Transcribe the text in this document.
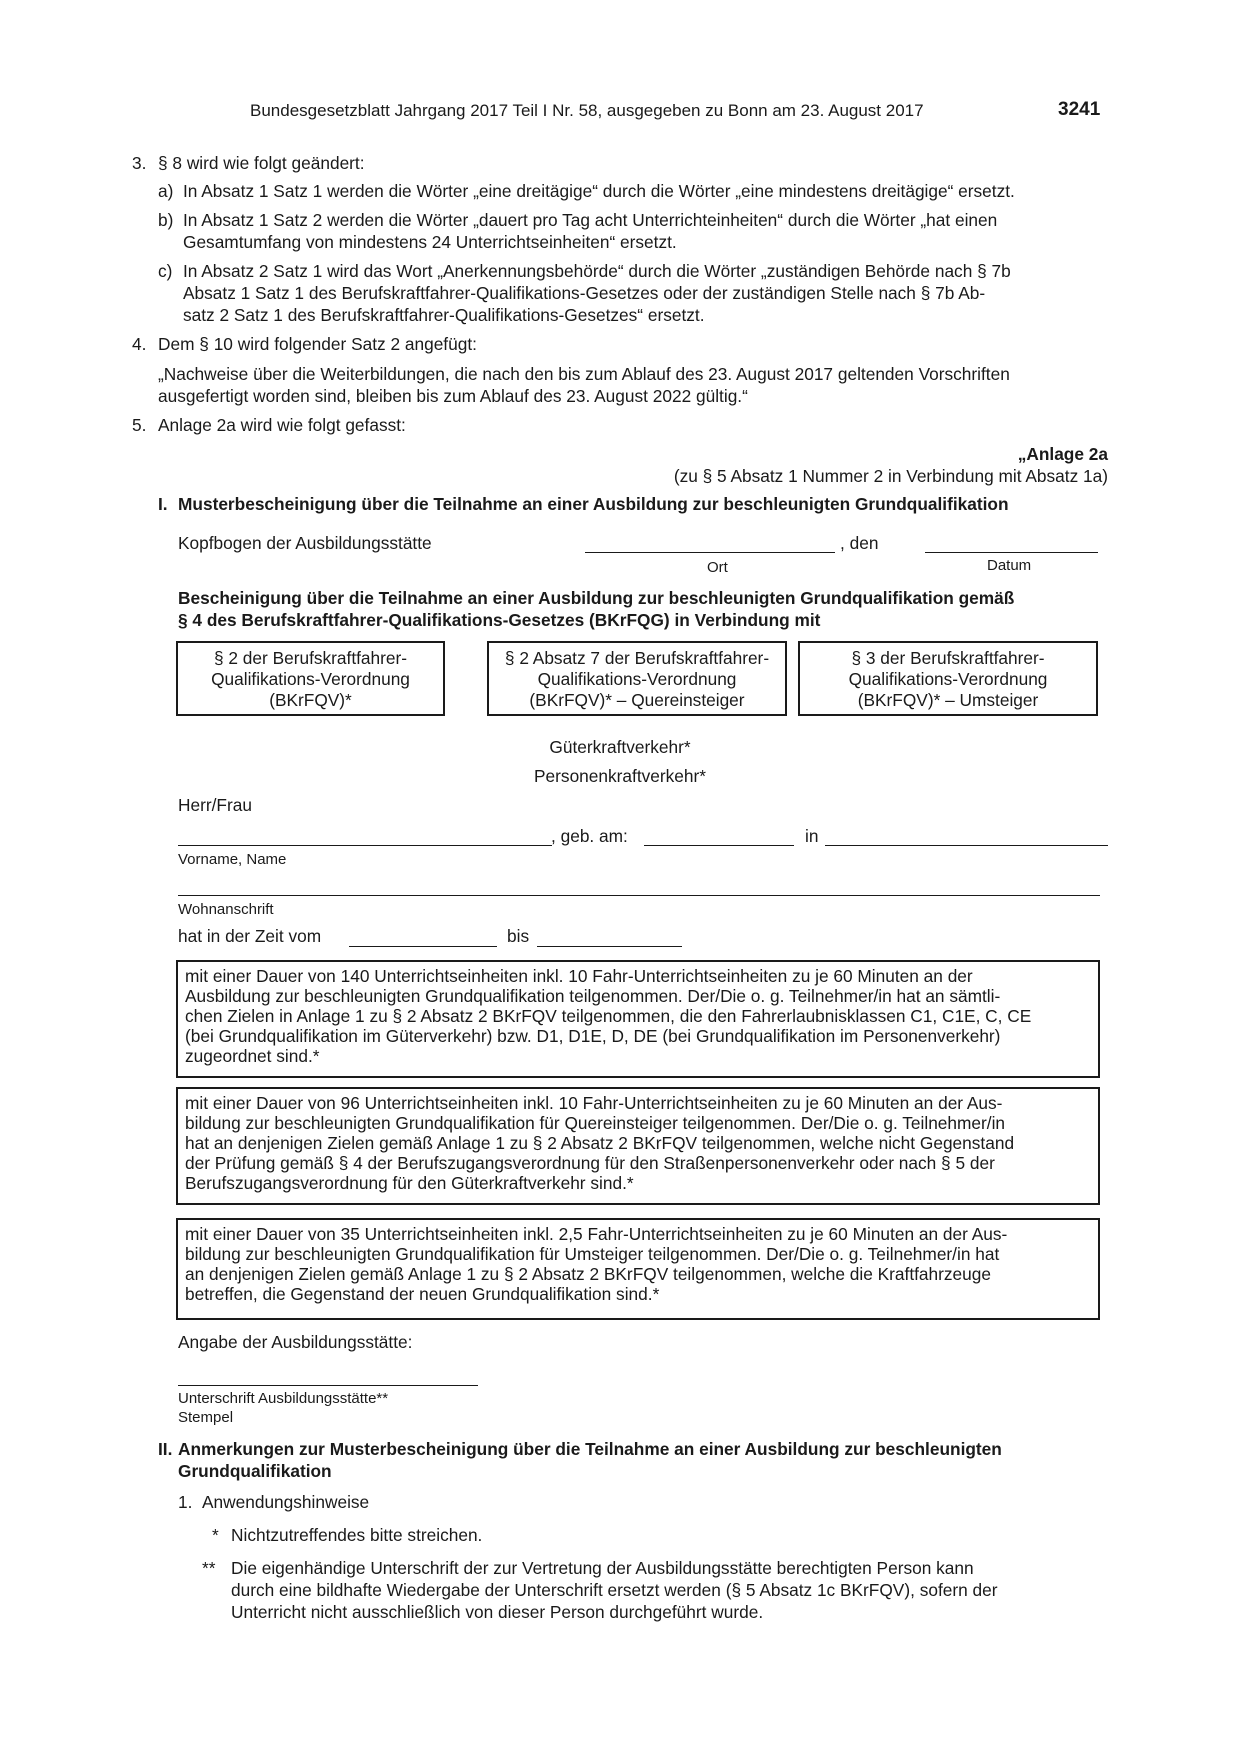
Bundesgesetzblatt Jahrgang 2017 Teil I Nr. 58, ausgegeben zu Bonn am 23. August 2017	3241
3. § 8 wird wie folgt geändert:
a) In Absatz 1 Satz 1 werden die Wörter „eine dreitägige“ durch die Wörter „eine mindestens dreitägige“ ersetzt.
b) In Absatz 1 Satz 2 werden die Wörter „dauert pro Tag acht Unterrichteinheiten“ durch die Wörter „hat einen
Gesamtumfang von mindestens 24 Unterrichtseinheiten“ ersetzt.
c) In Absatz 2 Satz 1 wird das Wort „Anerkennungsbehörde“ durch die Wörter „zuständigen Behörde nach § 7b
Absatz 1 Satz 1 des Berufskraftfahrer-Qualifikations-Gesetzes oder der zuständigen Stelle nach § 7b Ab-
satz 2 Satz 1 des Berufskraftfahrer-Qualifikations-Gesetzes“ ersetzt.
4. Dem § 10 wird folgender Satz 2 angefügt:
„Nachweise über die Weiterbildungen, die nach den bis zum Ablauf des 23. August 2017 geltenden Vorschriften
ausgefertigt worden sind, bleiben bis zum Ablauf des 23. August 2022 gültig.“
5. Anlage 2a wird wie folgt gefasst:
„Anlage 2a
(zu § 5 Absatz 1 Nummer 2 in Verbindung mit Absatz 1a)
I. Musterbescheinigung über die Teilnahme an einer Ausbildung zur beschleunigten Grundqualifikation
Kopfbogen der Ausbildungsstätte	, den
Ort	Datum
Bescheinigung über die Teilnahme an einer Ausbildung zur beschleunigten Grundqualifikation gemäß
§ 4 des Berufskraftfahrer-Qualifikations-Gesetzes (BKrFQG) in Verbindung mit
§ 2 der Berufskraftfahrer-
Qualifikations-Verordnung
(BKrFQV)*
§ 2 Absatz 7 der Berufskraftfahrer-
Qualifikations-Verordnung
(BKrFQV)* – Quereinsteiger
§ 3 der Berufskraftfahrer-
Qualifikations-Verordnung
(BKrFQV)* – Umsteiger
Güterkraftverkehr*
Personenkraftverkehr*
Herr/Frau
, geb. am:	in
Vorname, Name
Wohnanschrift
hat in der Zeit vom	bis
mit einer Dauer von 140 Unterrichtseinheiten inkl. 10 Fahr-Unterrichtseinheiten zu je 60 Minuten an der
Ausbildung zur beschleunigten Grundqualifikation teilgenommen. Der/Die o. g. Teilnehmer/in hat an sämtli-
chen Zielen in Anlage 1 zu § 2 Absatz 2 BKrFQV teilgenommen, die den Fahrerlaubnisklassen C1, C1E, C, CE
(bei Grundqualifikation im Güterverkehr) bzw. D1, D1E, D, DE (bei Grundqualifikation im Personenverkehr)
zugeordnet sind.*
mit einer Dauer von 96 Unterrichtseinheiten inkl. 10 Fahr-Unterrichtseinheiten zu je 60 Minuten an der Aus-
bildung zur beschleunigten Grundqualifikation für Quereinsteiger teilgenommen. Der/Die o. g. Teilnehmer/in
hat an denjenigen Zielen gemäß Anlage 1 zu § 2 Absatz 2 BKrFQV teilgenommen, welche nicht Gegenstand
der Prüfung gemäß § 4 der Berufszugangsverordnung für den Straßenpersonenverkehr oder nach § 5 der
Berufszugangsverordnung für den Güterkraftverkehr sind.*
mit einer Dauer von 35 Unterrichtseinheiten inkl. 2,5 Fahr-Unterrichtseinheiten zu je 60 Minuten an der Aus-
bildung zur beschleunigten Grundqualifikation für Umsteiger teilgenommen. Der/Die o. g. Teilnehmer/in hat
an denjenigen Zielen gemäß Anlage 1 zu § 2 Absatz 2 BKrFQV teilgenommen, welche die Kraftfahrzeuge
betreffen, die Gegenstand der neuen Grundqualifikation sind.*
Angabe der Ausbildungsstätte:
Unterschrift Ausbildungsstätte**
Stempel
II. Anmerkungen zur Musterbescheinigung über die Teilnahme an einer Ausbildung zur beschleunigten
Grundqualifikation
1. Anwendungshinweise
* Nichtzutreffendes bitte streichen.
** Die eigenhändige Unterschrift der zur Vertretung der Ausbildungsstätte berechtigten Person kann
durch eine bildhafte Wiedergabe der Unterschrift ersetzt werden (§ 5 Absatz 1c BKrFQV), sofern der
Unterricht nicht ausschließlich von dieser Person durchgeführt wurde.
